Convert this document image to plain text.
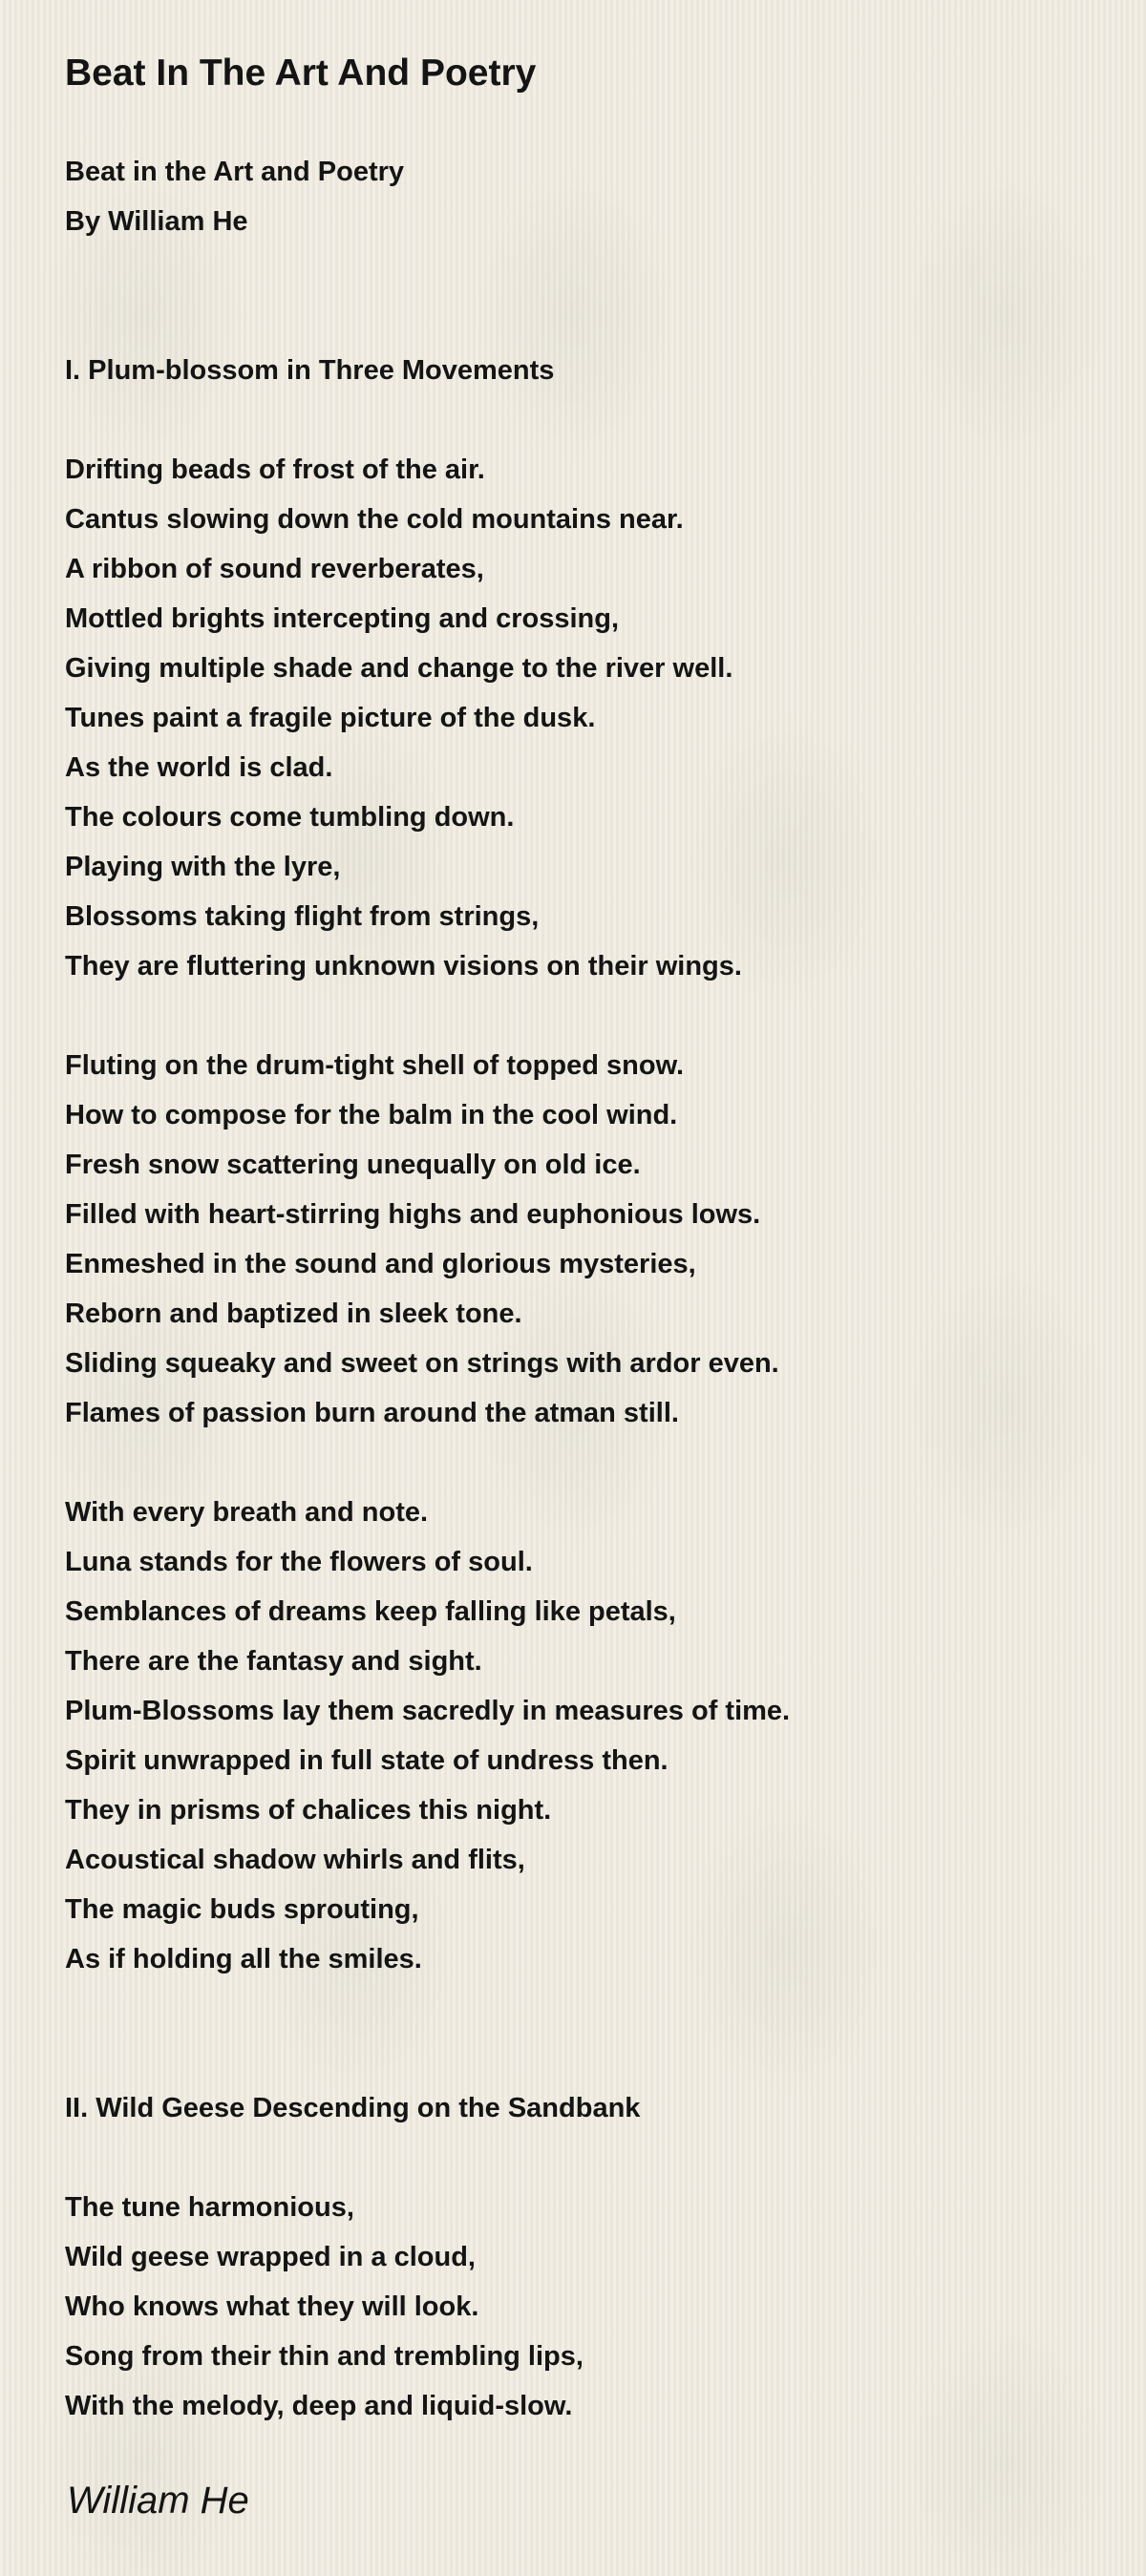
Beat In The Art And Poetry
Beat in the Art and Poetry
By William He
I. Plum-blossom in Three Movements
Drifting beads of frost of the air.
Cantus slowing down the cold mountains near.
A ribbon of sound reverberates,
Mottled brights intercepting and crossing,
Giving multiple shade and change to the river well.
Tunes paint a fragile picture of the dusk.
As the world is clad.
The colours come tumbling down.
Playing with the lyre,
Blossoms taking flight from strings,
They are fluttering unknown visions on their wings.
Fluting on the drum-tight shell of topped snow.
How to compose for the balm in the cool wind.
Fresh snow scattering unequally on old ice.
Filled with heart-stirring highs and euphonious lows.
Enmeshed in the sound and glorious mysteries,
Reborn and baptized in sleek tone.
Sliding squeaky and sweet on strings with ardor even.
Flames of passion burn around the atman still.
With every breath and note.
Luna stands for the flowers of soul.
Semblances of dreams keep falling like petals,
There are the fantasy and sight.
Plum-Blossoms lay them sacredly in measures of time.
Spirit unwrapped in full state of undress then.
They in prisms of chalices this night.
Acoustical shadow whirls and flits,
The magic buds sprouting,
As if holding all the smiles.
II. Wild Geese Descending on the Sandbank
The tune harmonious,
Wild geese wrapped in a cloud,
Who knows what they will look.
Song from their thin and trembling lips,
With the melody, deep and liquid-slow.
William He
